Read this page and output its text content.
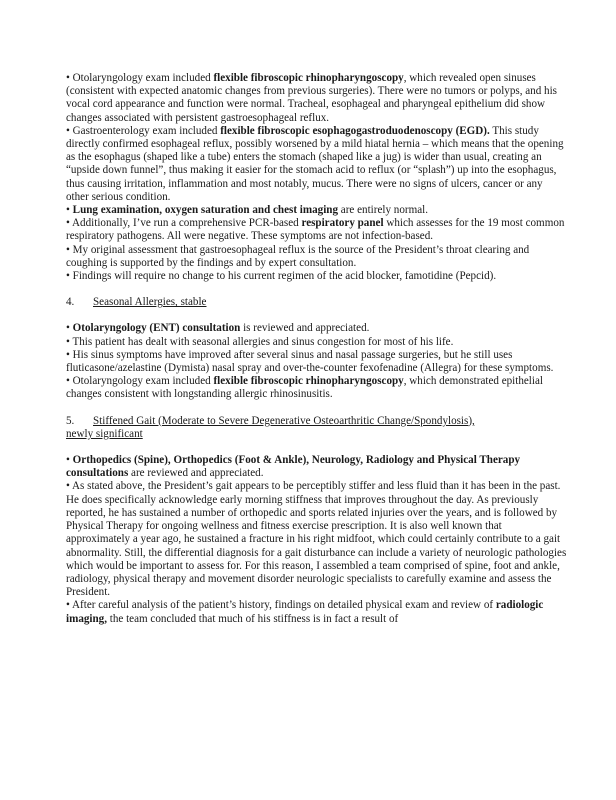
• Otolaryngology exam included flexible fibroscopic rhinopharyngoscopy, which revealed open sinuses (consistent with expected anatomic changes from previous surgeries). There were no tumors or polyps, and his vocal cord appearance and function were normal. Tracheal, esophageal and pharyngeal epithelium did show changes associated with persistent gastroesophageal reflux.

• Gastroenterology exam included flexible fibroscopic esophagogastroduodenoscopy (EGD). This study directly confirmed esophageal reflux, possibly worsened by a mild hiatal hernia – which means that the opening as the esophagus (shaped like a tube) enters the stomach (shaped like a jug) is wider than usual, creating an “upside down funnel”, thus making it easier for the stomach acid to reflux (or “splash”) up into the esophagus, thus causing irritation, inflammation and most notably, mucus. There were no signs of ulcers, cancer or any other serious condition.

• Lung examination, oxygen saturation and chest imaging are entirely normal.

• Additionally, I’ve run a comprehensive PCR-based respiratory panel which assesses for the 19 most common respiratory pathogens. All were negative. These symptoms are not infection-based.

• My original assessment that gastroesophageal reflux is the source of the President’s throat clearing and coughing is supported by the findings and by expert consultation.

• Findings will require no change to his current regimen of the acid blocker, famotidine (Pepcid).

4. Seasonal Allergies, stable

• Otolaryngology (ENT) consultation is reviewed and appreciated.

• This patient has dealt with seasonal allergies and sinus congestion for most of his life.

• His sinus symptoms have improved after several sinus and nasal passage surgeries, but he still uses fluticasone/azelastine (Dymista) nasal spray and over-the-counter fexofenadine (Allegra) for these symptoms.

• Otolaryngology exam included flexible fibroscopic rhinopharyngoscopy, which demonstrated epithelial changes consistent with longstanding allergic rhinosinusitis.

5. Stiffened Gait (Moderate to Severe Degenerative Osteoarthritic Change/Spondylosis),

newly significant

• Orthopedics (Spine), Orthopedics (Foot & Ankle), Neurology, Radiology and Physical Therapy consultations are reviewed and appreciated.

• As stated above, the President’s gait appears to be perceptibly stiffer and less fluid than it has been in the past. He does specifically acknowledge early morning stiffness that improves throughout the day. As previously reported, he has sustained a number of orthopedic and sports related injuries over the years, and is followed by Physical Therapy for ongoing wellness and fitness exercise prescription. It is also well known that approximately a year ago, he sustained a fracture in his right midfoot, which could certainly contribute to a gait abnormality. Still, the differential diagnosis for a gait disturbance can include a variety of neurologic pathologies which would be important to assess for. For this reason, I assembled a team comprised of spine, foot and ankle, radiology, physical therapy and movement disorder neurologic specialists to carefully examine and assess the President.

• After careful analysis of the patient’s history, findings on detailed physical exam and review of radiologic imaging, the team concluded that much of his stiffness is in fact a result of
